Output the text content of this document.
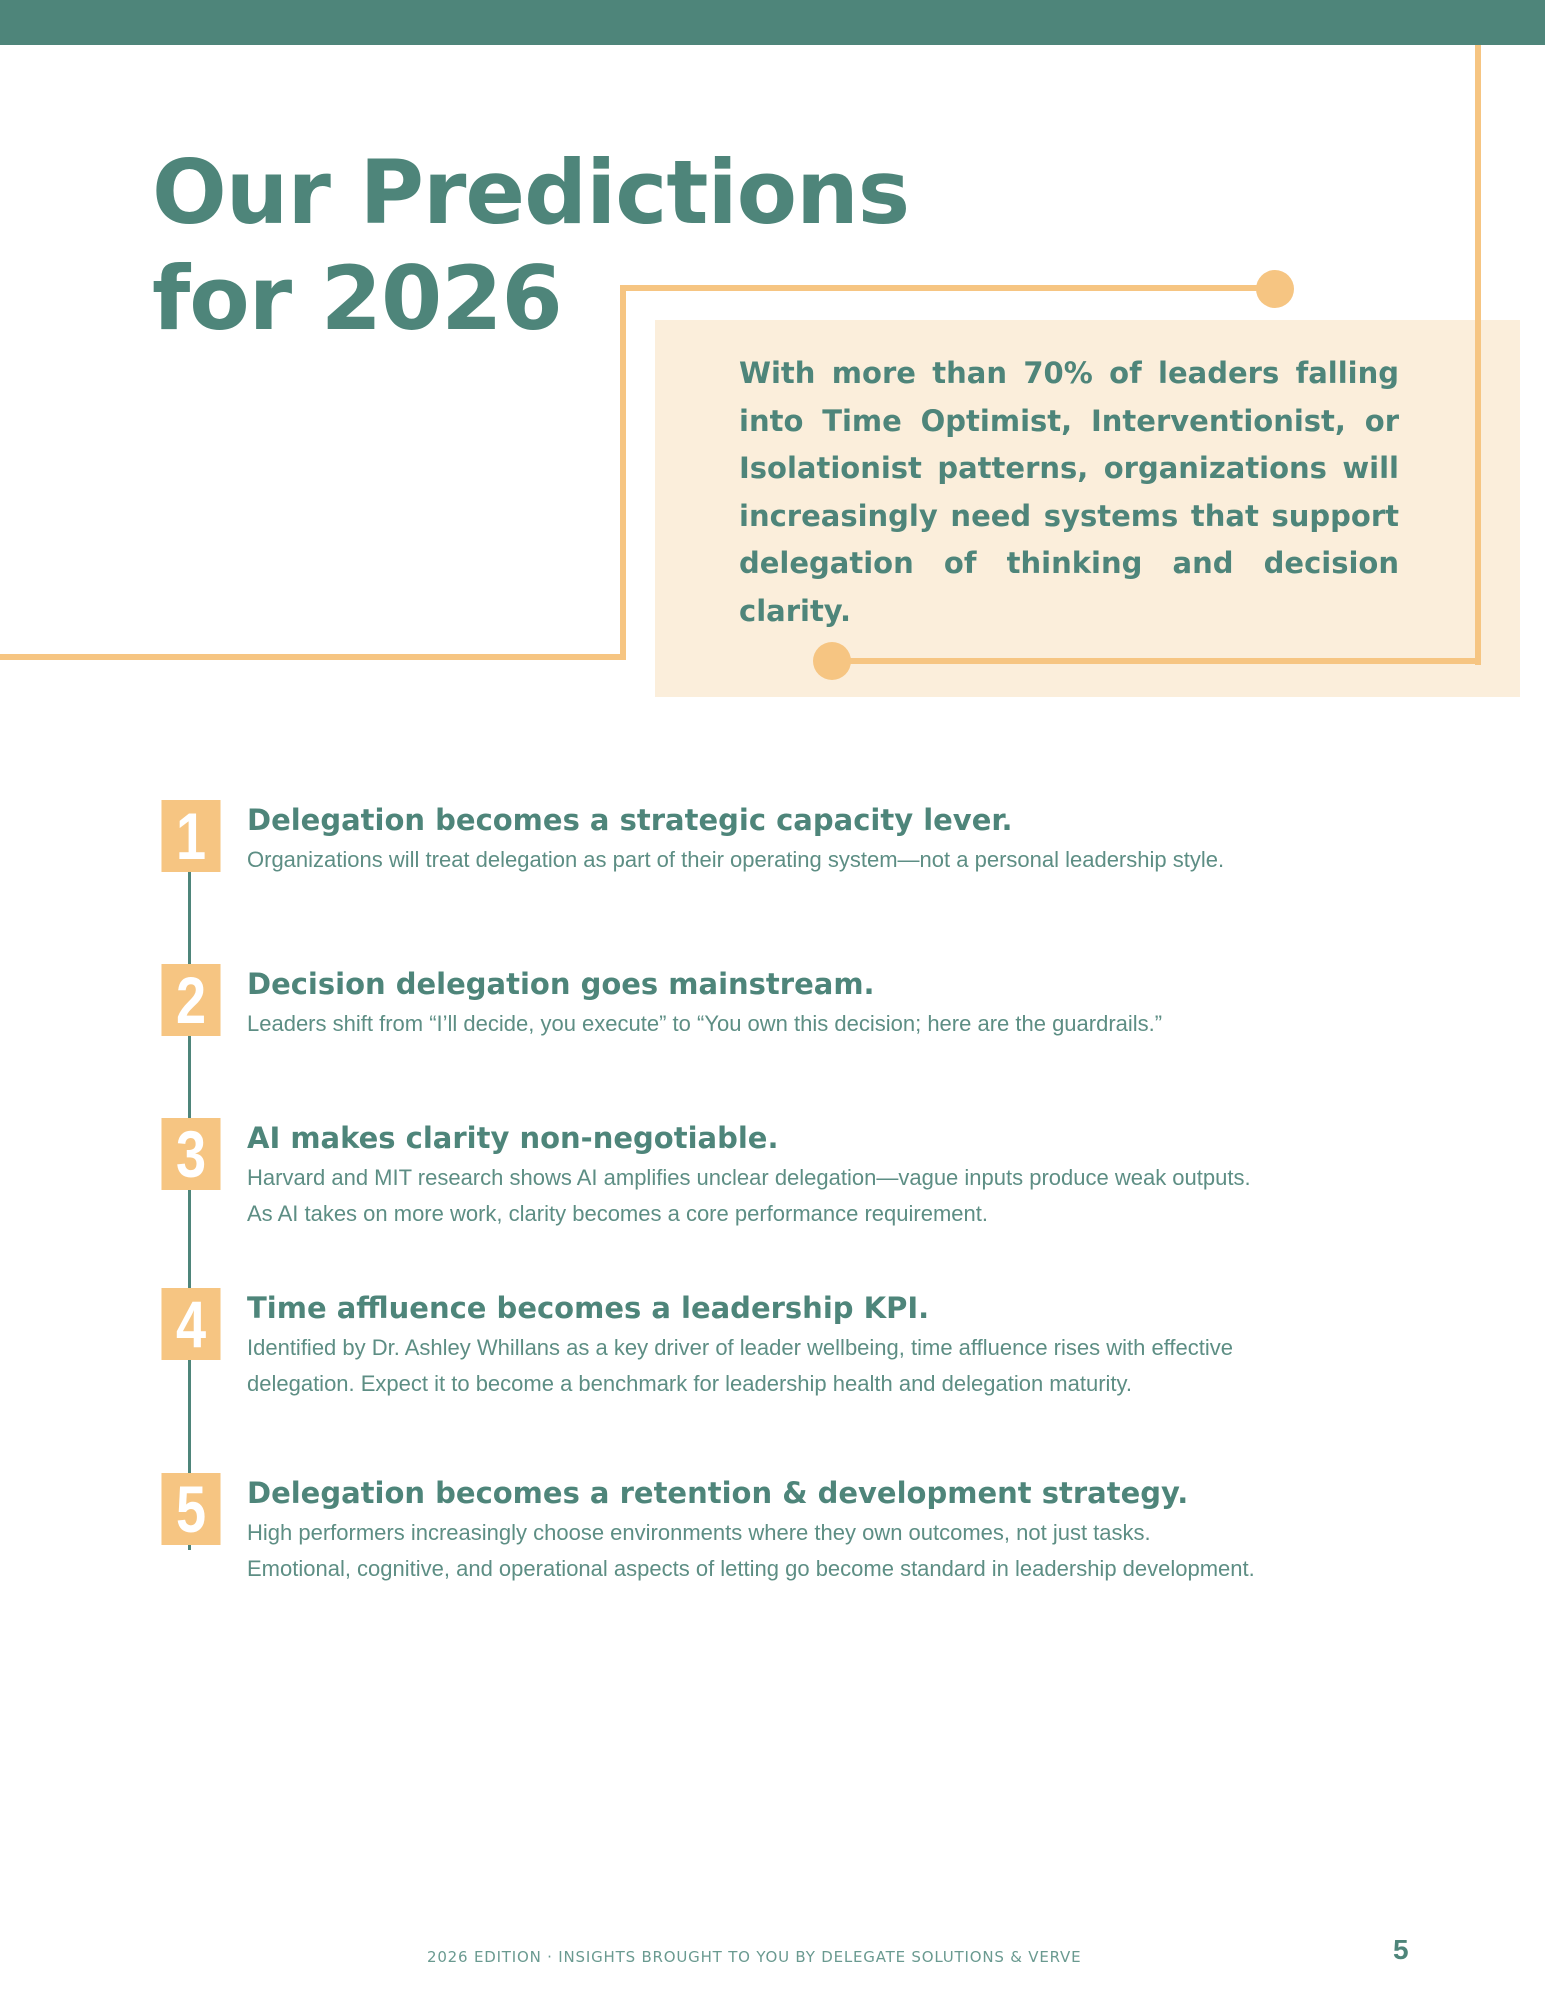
Our Predictions
for 2026

With more than 70% of leaders falling into Time Optimist, Interventionist, or Isolationist patterns, organizations will increasingly need systems that support delegation of thinking and decision clarity.

1	Delegation becomes a strategic capacity lever.

Organizations will treat delegation as part of their operating system—not a personal leadership style.

2	Decision delegation goes mainstream.

Leaders shift from “I’ll decide, you execute” to “You own this decision; here are the guardrails.”

3	AI makes clarity non-negotiable.

Harvard and MIT research shows AI amplifies unclear delegation—vague inputs produce weak outputs.
As AI takes on more work, clarity becomes a core performance requirement.

4	Time affluence becomes a leadership KPI.

Identified by Dr. Ashley Whillans as a key driver of leader wellbeing, time affluence rises with effective
delegation. Expect it to become a benchmark for leadership health and delegation maturity.

5	Delegation becomes a retention & development strategy.

High performers increasingly choose environments where they own outcomes, not just tasks.
Emotional, cognitive, and operational aspects of letting go become standard in leadership development.

2026 EDITION · INSIGHTS BROUGHT TO YOU BY DELEGATE SOLUTIONS & VERVE	5
